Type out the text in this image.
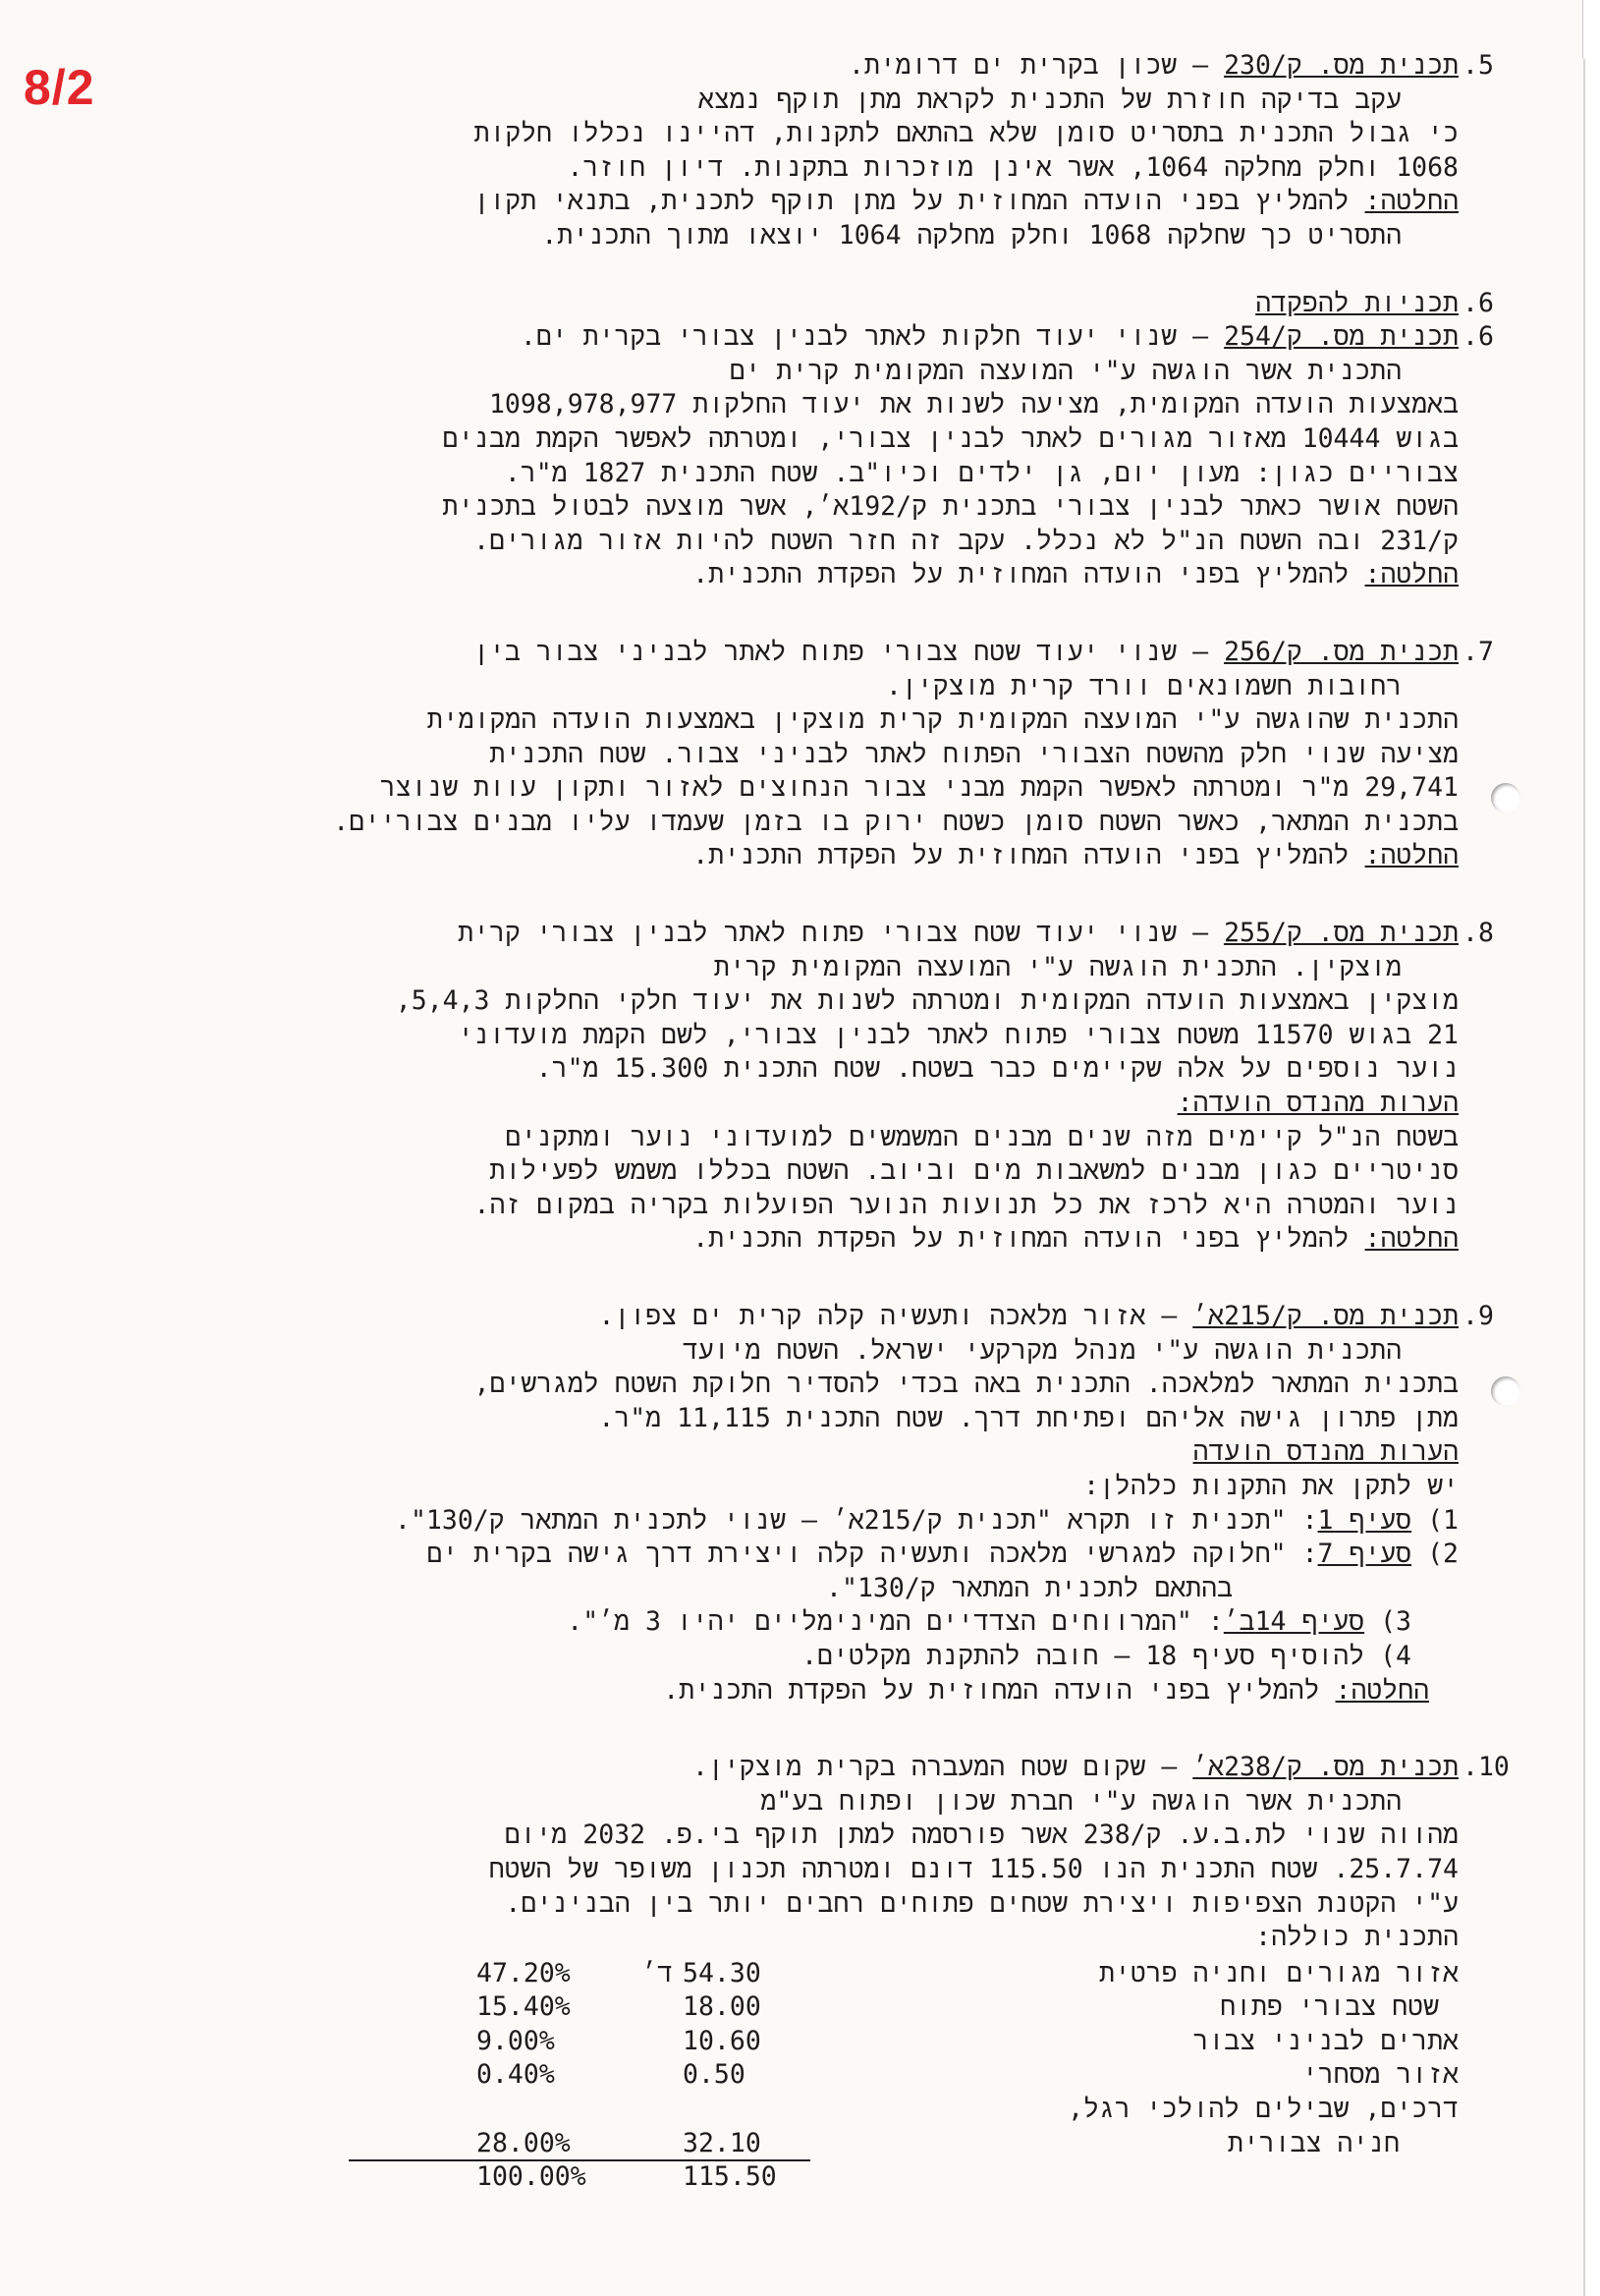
8/2	.5
תכנית מס. ק/230 – שכון בקרית ים דרומית.
עקב בדיקה חוזרת של התכנית לקראת מתן תוקף נמצא
כי גבול התכנית בתסריט סומן שלא בהתאם לתקנות, דהיינו נכללו חלקות
1068 וחלק מחלקה 1064, אשר אינן מוזכרות בתקנות. דיון חוזר.
החלטה: להמליץ בפני הועדה המחוזית על מתן תוקף לתכנית, בתנאי תקון
התסריט כך שחלקה 1068 וחלק מחלקה 1064 יוצאו מתוך התכנית.
.6
תכניות להפקדה
.6
תכנית מס. ק/254 – שנוי יעוד חלקות לאתר לבנין צבורי בקרית ים.
התכנית אשר הוגשה ע"י המועצה המקומית קרית ים
באמצעות הועדה המקומית, מציעה לשנות את יעוד החלקות 1098,978,977
בגוש 10444 מאזור מגורים לאתר לבנין צבורי, ומטרתה לאפשר הקמת מבנים
צבוריים כגון: מעון יום, גן ילדים וכיו"ב. שטח התכנית 1827 מ"ר.
השטח אושר כאתר לבנין צבורי בתכנית ק/192א׳, אשר מוצעה לבטול בתכנית
ק/231 ובה השטח הנ"ל לא נכלל. עקב זה חזר השטח להיות אזור מגורים.
החלטה: להמליץ בפני הועדה המחוזית על הפקדת התכנית.
.7
תכנית מס. ק/256 – שנוי יעוד שטח צבורי פתוח לאתר לבניני צבור בין
רחובות חשמונאים וורד קרית מוצקין.
התכנית שהוגשה ע"י המועצה המקומית קרית מוצקין באמצעות הועדה המקומית
מציעה שנוי חלק מהשטח הצבורי הפתוח לאתר לבניני צבור. שטח התכנית
29,741 מ"ר ומטרתה לאפשר הקמת מבני צבור הנחוצים לאזור ותקון עוות שנוצר
בתכנית המתאר, כאשר השטח סומן כשטח ירוק בו בזמן שעמדו עליו מבנים צבוריים.
החלטה: להמליץ בפני הועדה המחוזית על הפקדת התכנית.
.8
תכנית מס. ק/255 – שנוי יעוד שטח צבורי פתוח לאתר לבנין צבורי קרית
מוצקין. התכנית הוגשה ע"י המועצה המקומית קרית
מוצקין באמצעות הועדה המקומית ומטרתה לשנות את יעוד חלקי החלקות 5,4,3,
21 בגוש 11570 משטח צבורי פתוח לאתר לבנין צבורי, לשם הקמת מועדוני
נוער נוספים על אלה שקיימים כבר בשטח. שטח התכנית 15.300 מ"ר.
הערות מהנדס הועדה:
בשטח הנ"ל קיימים מזה שנים מבנים המשמשים למועדוני נוער ומתקנים
סניטריים כגון מבנים למשאבות מים וביוב. השטח בכללו משמש לפעילות
נוער והמטרה היא לרכז את כל תנועות הנוער הפועלות בקריה במקום זה.
החלטה: להמליץ בפני הועדה המחוזית על הפקדת התכנית.
.9
תכנית מס. ק/215א׳ – אזור מלאכה ותעשיה קלה קרית ים צפון.
התכנית הוגשה ע"י מנהל מקרקעי ישראל. השטח מיועד
בתכנית המתאר למלאכה. התכנית באה בכדי להסדיר חלוקת השטח למגרשים,
מתן פתרון גישה אליהם ופתיחת דרך. שטח התכנית 11,115 מ"ר.
הערות מהנדס הועדה
יש לתקן את התקנות כלהלן:
1) סעיף 1: "תכנית זו תקרא "תכנית ק/215א׳ – שנוי לתכנית המתאר ק/130".
2) סעיף 7: "חלוקה למגרשי מלאכה ותעשיה קלה ויצירת דרך גישה בקרית ים
בהתאם לתכנית המתאר ק/130".
3) סעיף 14ב׳: "המרווחים הצדדיים המינימליים יהיו 3 מ׳".
4) להוסיף סעיף 18 – חובה להתקנת מקלטים.
החלטה: להמליץ בפני הועדה המחוזית על הפקדת התכנית.
.10
תכנית מס. ק/238א׳ – שקום שטח המעברה בקרית מוצקין.
התכנית אשר הוגשה ע"י חברת שכון ופתוח בע"מ
מהווה שנוי לת.ב.ע. ק/238 אשר פורסמה למתן תוקף בי.פ. 2032 מיום
25.7.74. שטח התכנית הנו 115.50 דונם ומטרתה תכנון משופר של השטח
ע"י הקטנת הצפיפות ויצירת שטחים פתוחים רחבים יותר בין הבנינים.
התכנית כוללה:
אזור מגורים וחניה פרטית
ד׳ 54.30
47.20%
שטח צבורי פתוח
18.00
15.40%
אתרים לבניני צבור
10.60
9.00%
אזור מסחרי
0.50
0.40%
דרכים, שבילים להולכי רגל,
חניה צבורית
32.10
28.00%
115.50
100.00%
